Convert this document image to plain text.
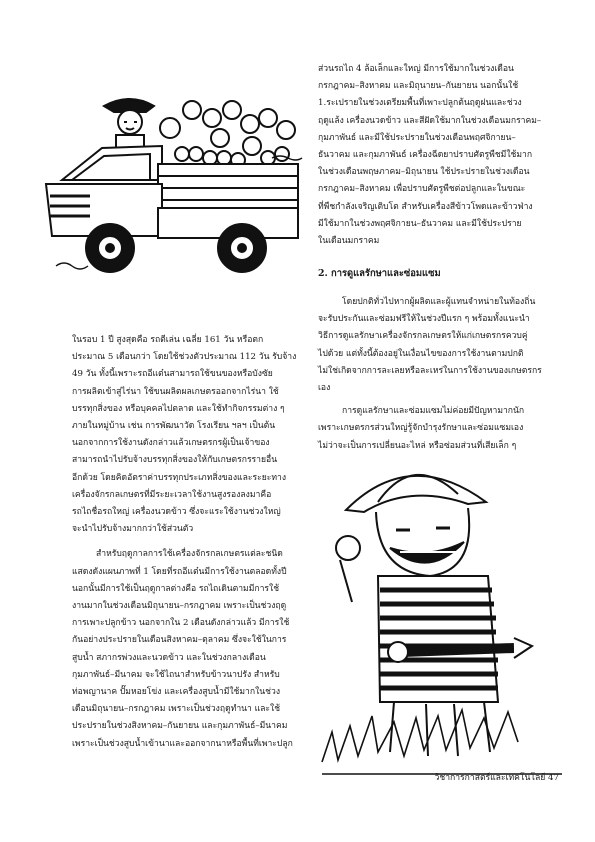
ส่วนรถไถ 4 ล้อเล็กและใหญ่ มีการใช้มากในช่วงเดือน

กรกฎาคม–สิงหาคม และมิถุนายน–กันยายน นอกนั้นใช้

1.ระเปรายในช่วงเตรียมพื้นที่เพาะปลูกต้นฤดูฝนและช่วง

ฤดูแล้ง เครื่องนวดข้าว และสีฝัดใช้มากในช่วงเดือนมกราคม–

กุมภาพันธ์ และมีใช้ประปรายในช่วงเดือนพฤศจิกายน–

ธันวาคม และกุมภาพันธ์ เครื่องฉีดยาปราบศัตรูพืชมีใช้มาก

ในช่วงเดือนพฤษภาคม–มิถุนายน ใช้ประปรายในช่วงเดือน

กรกฎาคม–สิงหาคม เพื่อปราบศัตรูพืชต่อปลูกและในขณะ

ที่พืชกำลังเจริญเติบโต สำหรับเครื่องสีข้าวโพดและข้าวฟ่าง

มีใช้มากในช่วงพฤศจิกายน–ธันวาคม และมีใช้ประปราย

ในเดือนมกราคม

2. การดูแลรักษาและซ่อมแซม

โดยปกติทั่วไปหากผู้ผลิตและผู้แทนจำหน่ายในท้องถิ่น

จะรับประกันและซ่อมฟรีให้ในช่วงปีแรก ๆ พร้อมทั้งแนะนำ

วิธีการดูแลรักษาเครื่องจักรกลเกษตรให้แก่เกษตรกรควบคู่

ไปด้วย แต่ทั้งนี้ต้องอยู่ในเงื่อนไขของการใช้งานตามปกติ

ไม่ใช่เกิดจากการละเลยหรือละเหร่ในการใช้งานของเกษตรกร

เอง

การดูแลรักษาและซ่อมแซมไม่ค่อยมีปัญหามากนัก

เพราะเกษตรกรส่วนใหญ่รู้จักบำรุงรักษาและซ่อมแซมเอง

ไม่ว่าจะเป็นการเปลี่ยนอะไหล่ หรือซ่อมส่วนที่เสียเล็ก ๆ

ในรอบ 1 ปี สูงสุดคือ รถตีเล่น เฉลี่ย 161 วัน หรือตก

ประมาณ 5 เดือนกว่า โดยใช้ช่วงตัวประมาณ 112 วัน รับจ้าง

49 วัน ทั้งนี้เพราะรถอีแต๋นสามารถใช้ขนของหรือบังซัย

การผลิตเข้าสู่ไร่นา ใช้ขนผลิตผลเกษตรออกจากไร่นา ใช้

บรรทุกสิ่งของ หรือบุคคลไปตลาด และใช้ทำกิจกรรมต่าง ๆ

ภายในหมู่บ้าน เช่น การพัฒนาวัด โรงเรียน ฯลฯ เป็นต้น

นอกจากการใช้งานดังกล่าวแล้วเกษตรกรผู้เป็นเจ้าของ

สามารถนำไปรับจ้างบรรทุกสิ่งของให้กับเกษตรกรรายอื่น

อีกด้วย โดยคิดอัตราค่าบรรทุกประเภทสิ่งของและระยะทาง

เครื่องจักรกลเกษตรที่มีระยะเวลาใช้งานสูงรองลงมาคือ

รถไถชื่อรถใหญ่ เครื่องนวดข้าว ซึ่งจะแระใช้งานช่วงใหญ่

จะนำไปรับจ้างมากกว่าใช้ส่วนตัว

สำหรับฤดูกาลการใช้เครื่องจักรกลเกษตรแต่ละชนิด

แสดงดังแผนภาพที่ 1 โดยที่รถอีแต๋นมีการใช้งานตลอดทั้งปี

นอกนั้นมีการใช้เป็นฤดูกาลต่างคือ รถไถเดินตามมีการใช้

งานมากในช่วงเดือนมิถุนายน–กรกฎาคม เพราะเป็นช่วงฤดู

การเพาะปลูกข้าว นอกจากใน 2 เดือนดังกล่าวแล้ว มีการใช้

กันอย่างประปรายในเดือนสิงหาคม–ตุลาคม ซึ่งจะใช้ในการ

สูบน้ำ สภากรพ่วงและนวดข้าว และในช่วงกลางเดือน

กุมภาพันธ์–มีนาคม จะใช้ไถนาสำหรับข้าวนาปรัง สำหรับ

ท่อพญานาค ปั๊มหอยโข่ง และเครื่องสูบน้ำมีใช้มากในช่วง

เดือนมิถุนายน–กรกฎาคม เพราะเป็นช่วงฤดูทำนา และใช้

ประปรายในช่วงสิงหาคม–กันยายน และกุมภาพันธ์–มีนาคม

เพราะเป็นช่วงสูบน้ำเข้านาและออกจากนาหรือพื้นที่เพาะปลูก

วิชาการกาสตร์และเทคโนโลยี 47
